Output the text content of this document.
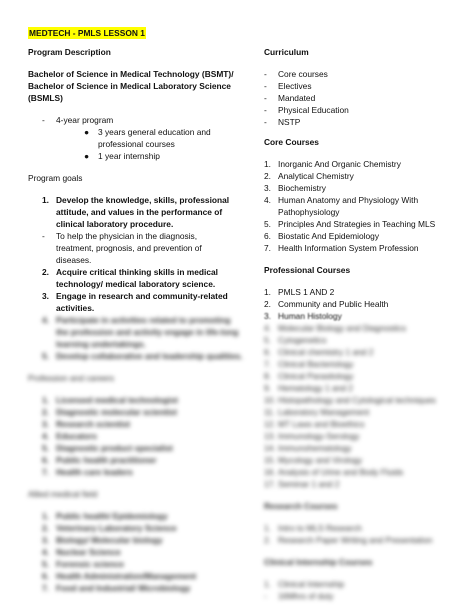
MEDTECH - PMLS LESSON 1
Program Description
Bachelor of Science in Medical Technology (BSMT)/
Bachelor of Science in Medical Laboratory Science
(BSMLS)
-	4-year program
●	3 years general education and
professional courses
●	1 year internship
Program goals
1. Develop the knowledge, skills, professional
attitude, and values in the performance of
clinical laboratory procedure.
-	To help the physician in the diagnosis,
treatment, prognosis, and prevention of
diseases.
2. Acquire critical thinking skills in medical
technology/ medical laboratory science.
3. Engage in research and community-related
activities.
4. Participate in activities related to promoting
the profession and activity engage in life-long
learning undertakings.
5. Develop collaborative and leadership qualities.
Profession and careers
1. Licensed medical technologist
2. Diagnostic molecular scientist
3. Research scientist
4. Educators
5. Diagnostic product specialist
6. Public health practitioner
7. Health care leaders
Allied medical field
1. Public health/ Epidemiology
2. Veterinary Laboratory Science
3. Biology/ Molecular biology
4. Nuclear Science
5. Forensic science
6. Health Administration/Management
7. Food and Industrial/ Microbiology
Curriculum
-	Core courses
-	Electives
-	Mandated
-	Physical Education
-	NSTP
Core Courses
1. Inorganic And Organic Chemistry
2. Analytical Chemistry
3. Biochemistry
4. Human Anatomy and Physiology With
Pathophysiology
5. Principles And Strategies in Teaching MLS
6. Biostatic And Epidemiology
7. Health Information System Profession
Professional Courses
1. PMLS 1 AND 2
2. Community and Public Health
3. Human Histology
4. Molecular Biology and Diagnostics
5. Cytogenetics
6. Clinical chemistry 1 and 2
7. Clinical Bacteriology
8. Clinical Parasitology
9. Hematology 1 and 2
10. Histopathology and Cytological techniques
11. Laboratory Management
12. MT Laws and Bioethics
13. Immunology-Serology
14. Immunohematology
15. Mycology and Virology
16. Analysis of Urine and Body Fluids
17. Seminar 1 and 2
Research Courses
1. Intro to MLS Research
2. Research Paper Writing and Presentation
Clinical Internship Courses
1. Clinical Internship
-	16Mhrs of duty
